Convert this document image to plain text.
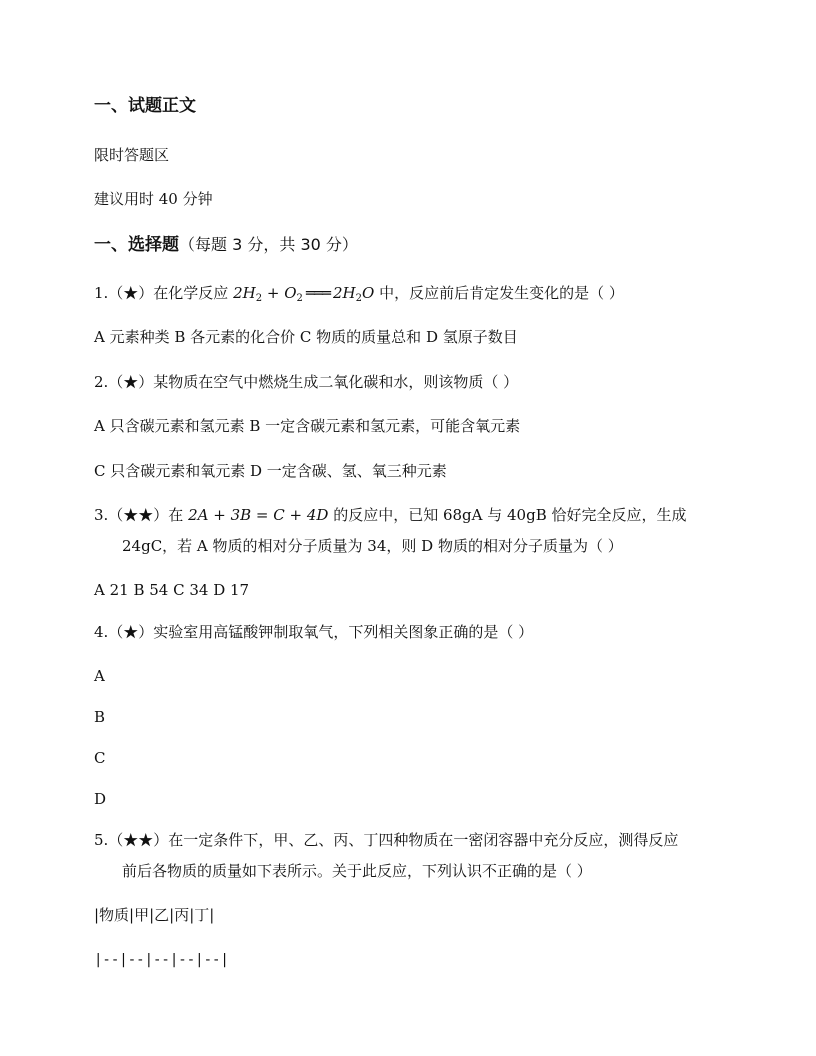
一、试题正文
限时答题区
建议用时 40 分钟
一、选择题（每题 3 分，共 30 分）
1.（★）在化学反应 $2H_2 + O_2$ ═══ $2H_2O$ 中，反应前后肯定发生变化的是（ ）
A 元素种类 B 各元素的化合价 C 物质的质量总和 D 氢原子数目
2.（★）某物质在空气中燃烧生成二氧化碳和水，则该物质（ ）
A 只含碳元素和氢元素 B 一定含碳元素和氢元素，可能含氧元素
C 只含碳元素和氧元素 D 一定含碳、氢、氧三种元素
3.（★★）在 2A + 3B = C + 4D 的反应中，已知 68gA 与 40gB 恰好完全反应，生成
24gC，若 A 物质的相对分子质量为 34，则 D 物质的相对分子质量为（ ）
A 21 B 54 C 34 D 17
4.（★）实验室用高锰酸钾制取氧气，下列相关图象正确的是（ ）
A
B
C
D
5.（★★）在一定条件下，甲、乙、丙、丁四种物质在一密闭容器中充分反应，测得反应
前后各物质的质量如下表所示。关于此反应，下列认识不正确的是（ ）
|物质|甲|乙|丙|丁|
|--|--|--|--|--|
